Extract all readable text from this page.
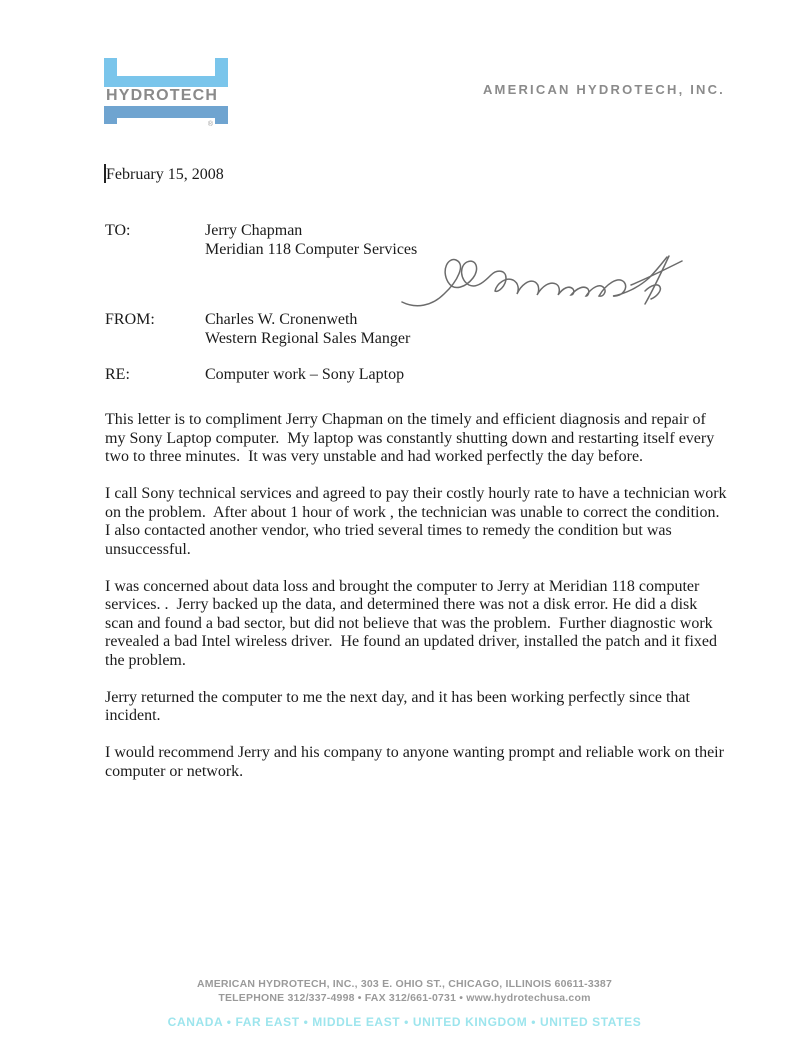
HYDROTECH
®
AMERICAN HYDROTECH, INC.
February 15, 2008
TO:	Jerry Chapman
Meridian 118 Computer Services
FROM:	Charles W. Cronenweth
Western Regional Sales Manger
RE:	Computer work – Sony Laptop

This letter is to compliment Jerry Chapman on the timely and efficient diagnosis and repair of my Sony Laptop computer.  My laptop was constantly shutting down and restarting itself every two to three minutes.  It was very unstable and had worked perfectly the day before.

I call Sony technical services and agreed to pay their costly hourly rate to have a technician work on the problem.  After about 1 hour of work , the technician was unable to correct the condition.  I also contacted another vendor, who tried several times to remedy the condition but was unsuccessful.

I was concerned about data loss and brought the computer to Jerry at Meridian 118 computer services. .  Jerry backed up the data, and determined there was not a disk error. He did a disk scan and found a bad sector, but did not believe that was the problem.  Further diagnostic work revealed a bad Intel wireless driver.  He found an updated driver, installed the patch and it fixed the problem.

Jerry returned the computer to me the next day, and it has been working perfectly since that incident.

I would recommend Jerry and his company to anyone wanting prompt and reliable work on their computer or network.

AMERICAN HYDROTECH, INC., 303 E. OHIO ST., CHICAGO, ILLINOIS 60611-3387
TELEPHONE 312/337-4998 • FAX 312/661-0731 • www.hydrotechusa.com
CANADA • FAR EAST • MIDDLE EAST • UNITED KINGDOM • UNITED STATES
